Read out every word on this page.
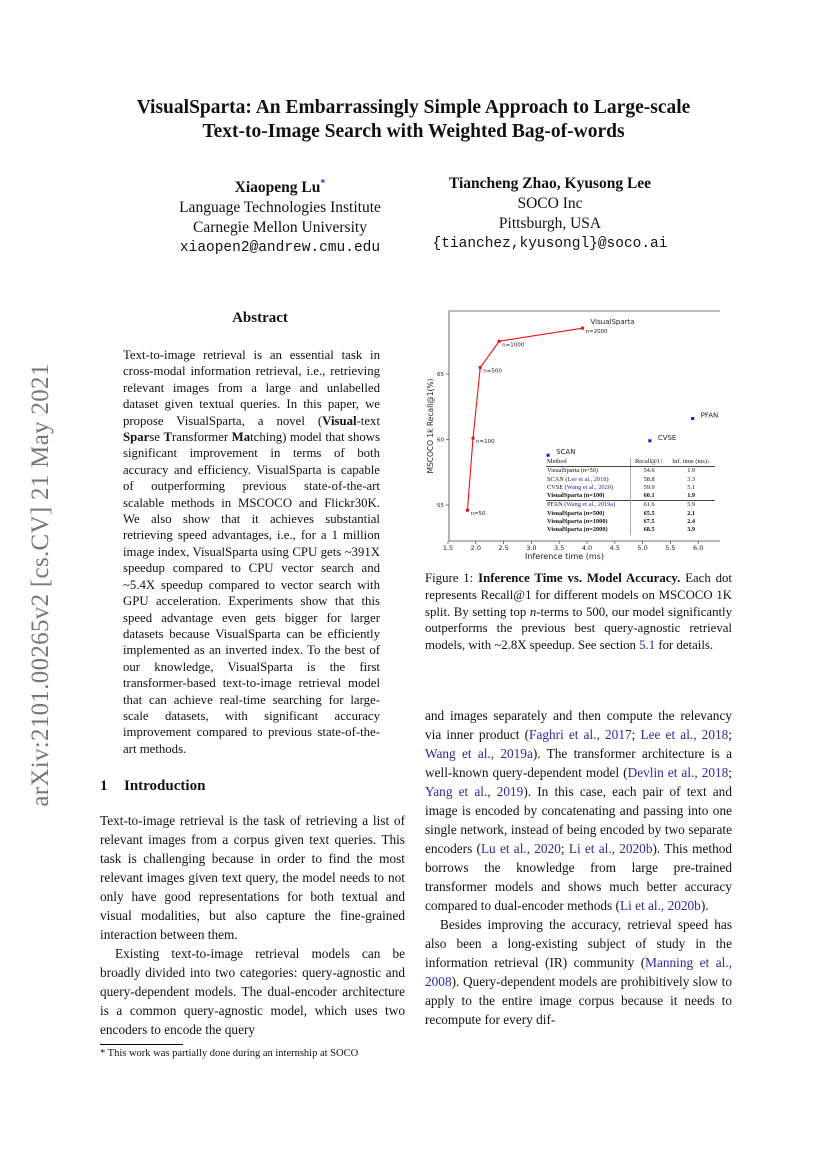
arXiv:2101.00265v2 [cs.CV] 21 May 2021
VisualSparta: An Embarrassingly Simple Approach to Large-scale
Text-to-Image Search with Weighted Bag-of-words
Xiaopeng Lu*
Language Technologies Institute
Carnegie Mellon University
xiaopen2@andrew.cmu.edu
Tiancheng Zhao, Kyusong Lee
SOCO Inc
Pittsburgh, USA
{tianchez,kyusongl}@soco.ai
Abstract
Text-to-image retrieval is an essential task in cross-modal information retrieval, i.e., retrieving relevant images from a large and unlabelled dataset given textual queries. In this paper, we propose VisualSparta, a novel (Visual-text Sparse Transformer Matching) model that shows significant improvement in terms of both accuracy and efficiency. VisualSparta is capable of outperforming previous state-of-the-art scalable methods in MSCOCO and Flickr30K. We also show that it achieves substantial retrieving speed advantages, i.e., for a 1 million image index, VisualSparta using CPU gets ~391X speedup compared to CPU vector search and ~5.4X speedup compared to vector search with GPU acceleration. Experiments show that this speed advantage even gets bigger for larger datasets because VisualSparta can be efficiently implemented as an inverted index. To the best of our knowledge, VisualSparta is the first transformer-based text-to-image retrieval model that can achieve real-time searching for large-scale datasets, with significant accuracy improvement compared to previous state-of-the-art methods.
1 Introduction

Text-to-image retrieval is the task of retrieving a list of relevant images from a corpus given text queries. This task is challenging because in order to find the most relevant images given text query, the model needs to not only have good representations for both textual and visual modalities, but also capture the fine-grained interaction between them.

Existing text-to-image retrieval models can be broadly divided into two categories: query-agnostic and query-dependent models. The dual-encoder architecture is a common query-agnostic model, which uses two encoders to encode the query

* This work was partially done during an internship at SOCO
1.5	2.0	2.5	3.0	3.5	4.0	4.5	5.0	5.5	6.0
55
60
65
Inference time (ms)
MSCOCO 1k Recall@1(%)
n=50
n=100
n=500
n=1000
n=2000
VisualSparta
SCAN
CVSE
PFAN
Method	Recall@1↑	Inf. time (ms)↓
VisualSparta (n=50)	54.6	1.9
SCAN (Lee et al., 2018)	58.8	3.3
CVSE (Wang et al., 2020)	59.9	5.1
VisualSparta (n=100)	60.1	1.9
PFAN (Wang et al., 2019a)	61.6	5.9
VisualSparta (n=500)	65.5	2.1
VisualSparta (n=1000)	67.5	2.4
VisualSparta (n=2000)	68.5	3.9
Figure 1: Inference Time vs. Model Accuracy. Each dot represents Recall@1 for different models on MSCOCO 1K split. By setting top n-terms to 500, our model significantly outperforms the previous best query-agnostic retrieval models, with ~2.8X speedup. See section 5.1 for details.

and images separately and then compute the relevancy via inner product (Faghri et al., 2017; Lee et al., 2018; Wang et al., 2019a). The transformer architecture is a well-known query-dependent model (Devlin et al., 2018; Yang et al., 2019). In this case, each pair of text and image is encoded by concatenating and passing into one single network, instead of being encoded by two separate encoders (Lu et al., 2020; Li et al., 2020b). This method borrows the knowledge from large pre-trained transformer models and shows much better accuracy compared to dual-encoder methods (Li et al., 2020b).

Besides improving the accuracy, retrieval speed has also been a long-existing subject of study in the information retrieval (IR) community (Manning et al., 2008). Query-dependent models are prohibitively slow to apply to the entire image corpus because it needs to recompute for every dif-
